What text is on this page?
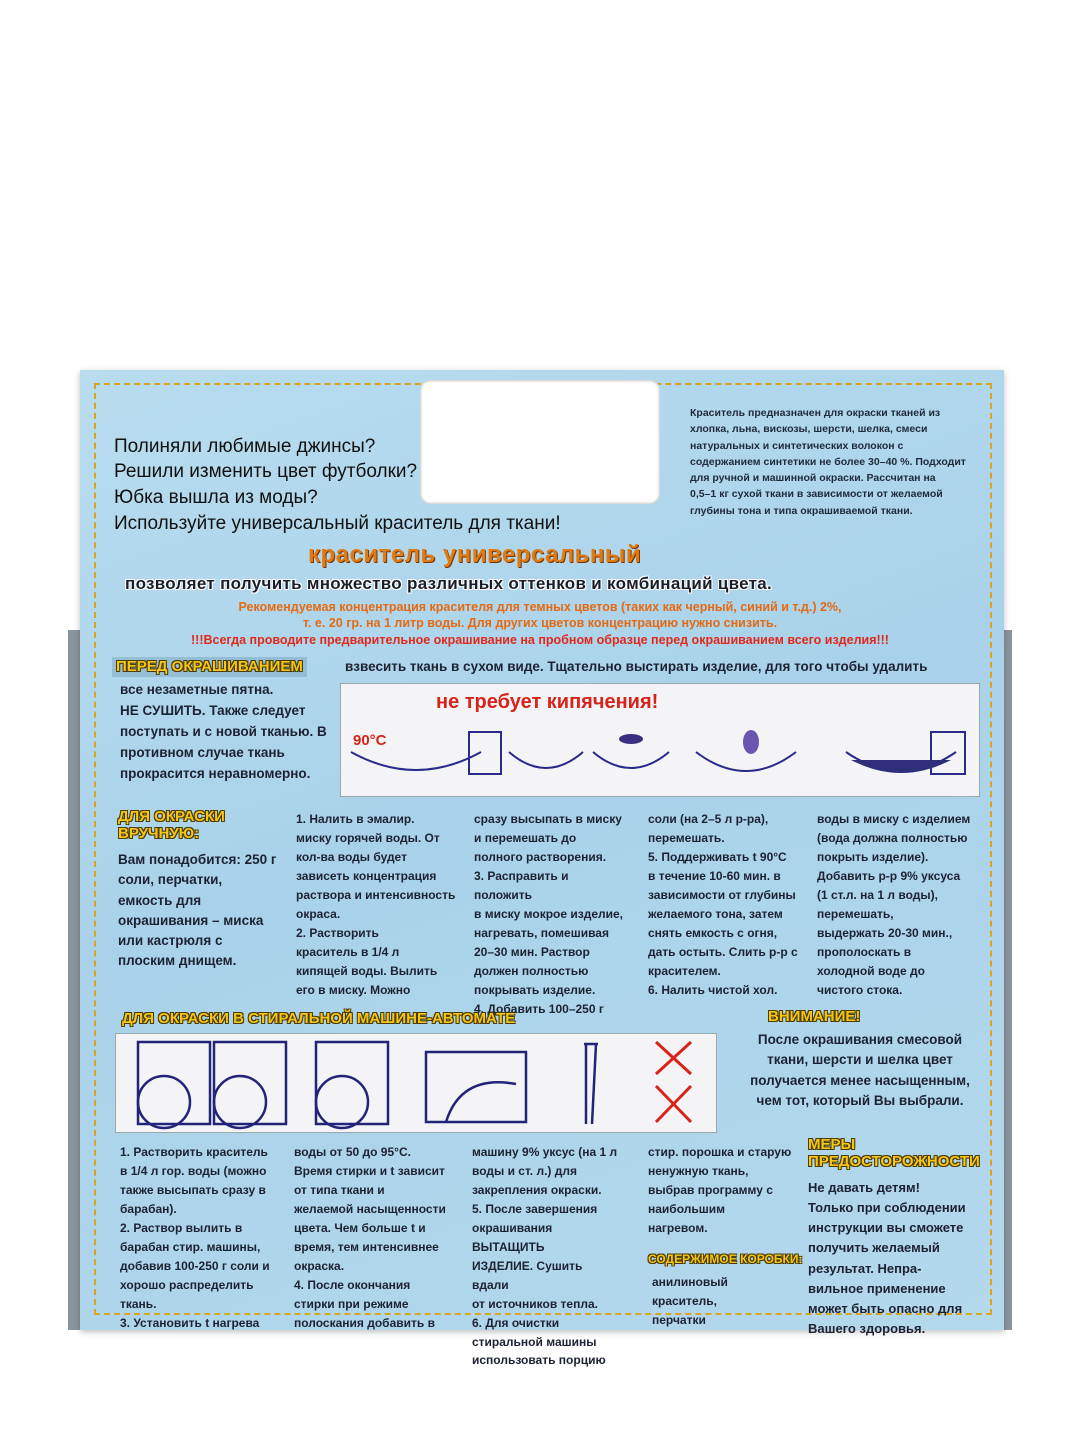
Полиняли любимые джинсы?

Решили изменить цвет футболки?

Юбка вышла из моды?

Используйте универсальный краситель для ткани!

Краситель предназначен для окраски тканей из
хлопка, льна, вискозы, шерсти, шелка, смеси
натуральных и синтетических волокон с
содержанием синтетики не более 30–40 %. Подходит
для ручной и машинной окраски. Рассчитан на
0,5–1 кг сухой ткани в зависимости от желаемой
глубины тона и типа окрашиваемой ткани.

краситель универсальный

позволяет получить множество различных оттенков и комбинаций цвета.

Рекомендуемая концентрация красителя для темных цветов (таких как черный, синий и т.д.) 2%,

т. е. 20 гр. на 1 литр воды. Для других цветов концентрацию нужно снизить.

!!!Всегда проводите предварительное окрашивание на пробном образце перед окрашиванием всего изделия!!!

ПЕРЕД ОКРАШИВАНИЕМ	взвесить ткань в сухом виде. Тщательно выстирать изделие, для того чтобы удалить

все незаметные пятна.
НЕ СУШИТЬ. Также следует
поступать и с новой тканью. В
противном случае ткань
прокрасится неравномерно.

не требует кипячения!

90°C

ДЛЯ ОКРАСКИ
ВРУЧНУЮ:
Вам понадобится: 250 г
соли, перчатки,
емкость для
окрашивания – миска
или кастрюля с
плоским днищем.
1. Налить в эмалир.
миску горячей воды. От
кол-ва воды будет
зависеть концентрация
раствора и интенсивность
окраса.
2. Растворить
краситель в 1/4 л
кипящей воды. Вылить
его в миску. Можно
сразу высыпать в миску
и перемешать до
полного растворения.
3. Расправить и положить
в миску мокрое изделие,
нагревать, помешивая
20–30 мин. Раствор
должен полностью
покрывать изделие.
4. Добавить 100–250 г
соли (на 2–5 л р-ра),
перемешать.
5. Поддерживать t 90°С
в течение 10-60 мин. в
зависимости от глубины
желаемого тона, затем
снять емкость с огня,
дать остыть. Слить р-р с
красителем.
6. Налить чистой хол.
воды в миску с изделием
(вода должна полностью
покрыть изделие).
Добавить р-р 9% уксуса
(1 ст.л. на 1 л воды),
перемешать,
выдержать 20-30 мин.,
прополоскать в
холодной воде до
чистого стока.

ДЛЯ ОКРАСКИ В СТИРАЛЬНОЙ МАШИНЕ-АВТОМАТЕ	ВНИМАНИЕ!

После окрашивания смесовой
ткани, шерсти и шелка цвет
получается менее насыщенным,
чем тот, который Вы выбрали.
1. Растворить краситель
в 1/4 л гор. воды (можно
также высыпать сразу в
барабан).
2. Раствор вылить в
барабан стир. машины,
добавив 100-250 г соли и
хорошо распределить
ткань.
3. Установить t нагрева
воды от 50 до 95°С.
Время стирки и t зависит
от типа ткани и
желаемой насыщенности
цвета. Чем больше t и
время, тем интенсивнее
окраска.
4. После окончания
стирки при режиме
полоскания добавить в
машину 9% уксус (на 1 л
воды и ст. л.) для
закрепления окраски.
5. После завершения
окрашивания ВЫТАЩИТЬ
ИЗДЕЛИЕ. Сушить вдали
от источников тепла.
6. Для очистки
стиральной машины
использовать порцию
стир. порошка и старую
ненужную ткань,
выбрав программу с
наибольшим
нагревом.

СОДЕРЖИМОЕ КОРОБКИ:

анилиновый
краситель,
перчатки
МЕРЫ
ПРЕДОСТОРОЖНОСТИ
Не давать детям!
Только при соблюдении
инструкции вы сможете
получить желаемый
результат. Непра-
вильное применение
может быть опасно для
Вашего здоровья.
